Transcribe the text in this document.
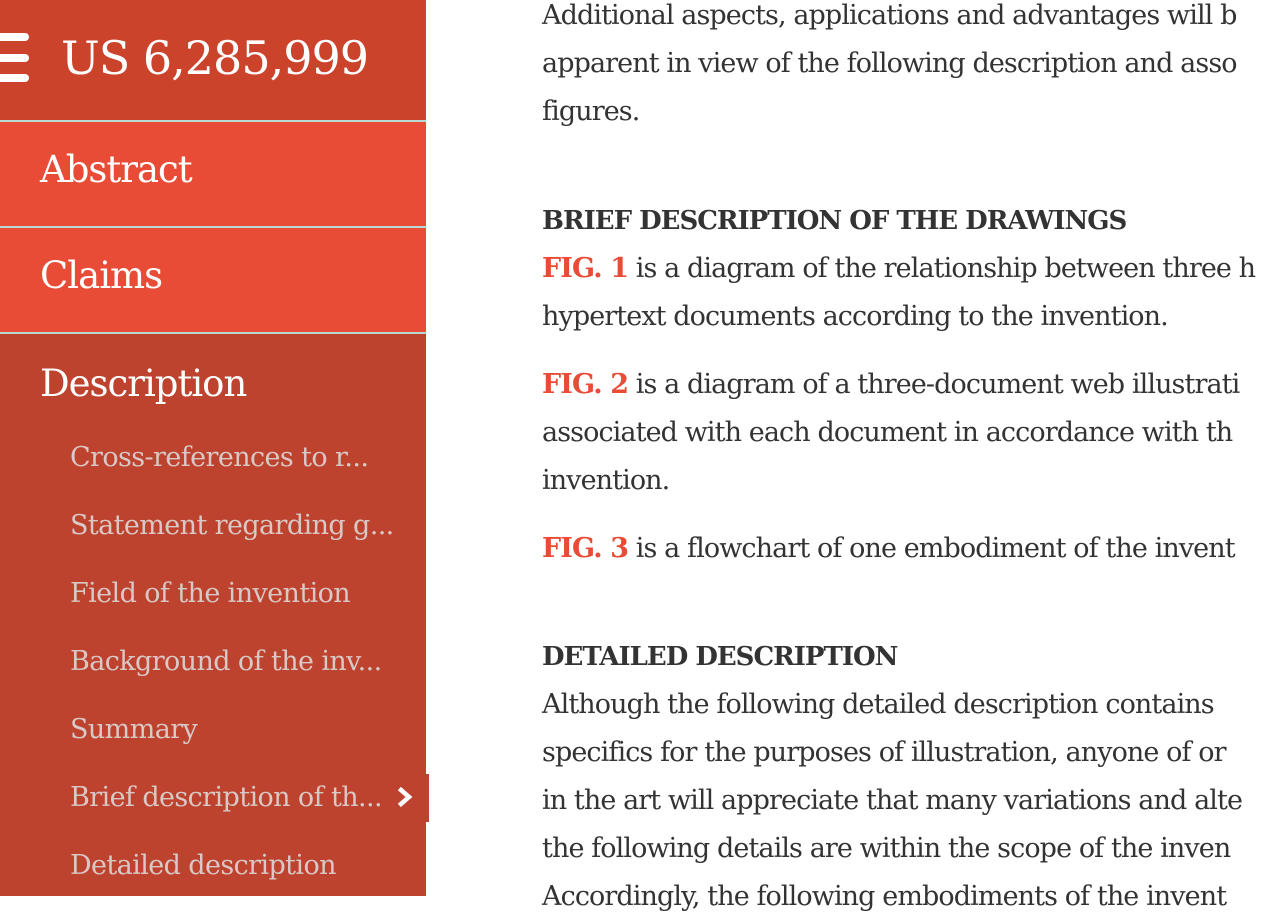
US 6,285,999
Abstract
Claims
Description
Cross-references to r...
Statement regarding g...
Field of the invention
Background of the inv...
Summary
Brief description of th...
Detailed description
Additional aspects, applications and advantages will b
apparent in view of the following description and asso
figures.
BRIEF DESCRIPTION OF THE DRAWINGS
FIG. 1 is a diagram of the relationship between three h
hypertext documents according to the invention.
FIG. 2 is a diagram of a three-document web illustrati
associated with each document in accordance with th
invention.
FIG. 3 is a flowchart of one embodiment of the invent
DETAILED DESCRIPTION
Although the following detailed description contains
specifics for the purposes of illustration, anyone of or
in the art will appreciate that many variations and alte
the following details are within the scope of the inven
Accordingly, the following embodiments of the invent
